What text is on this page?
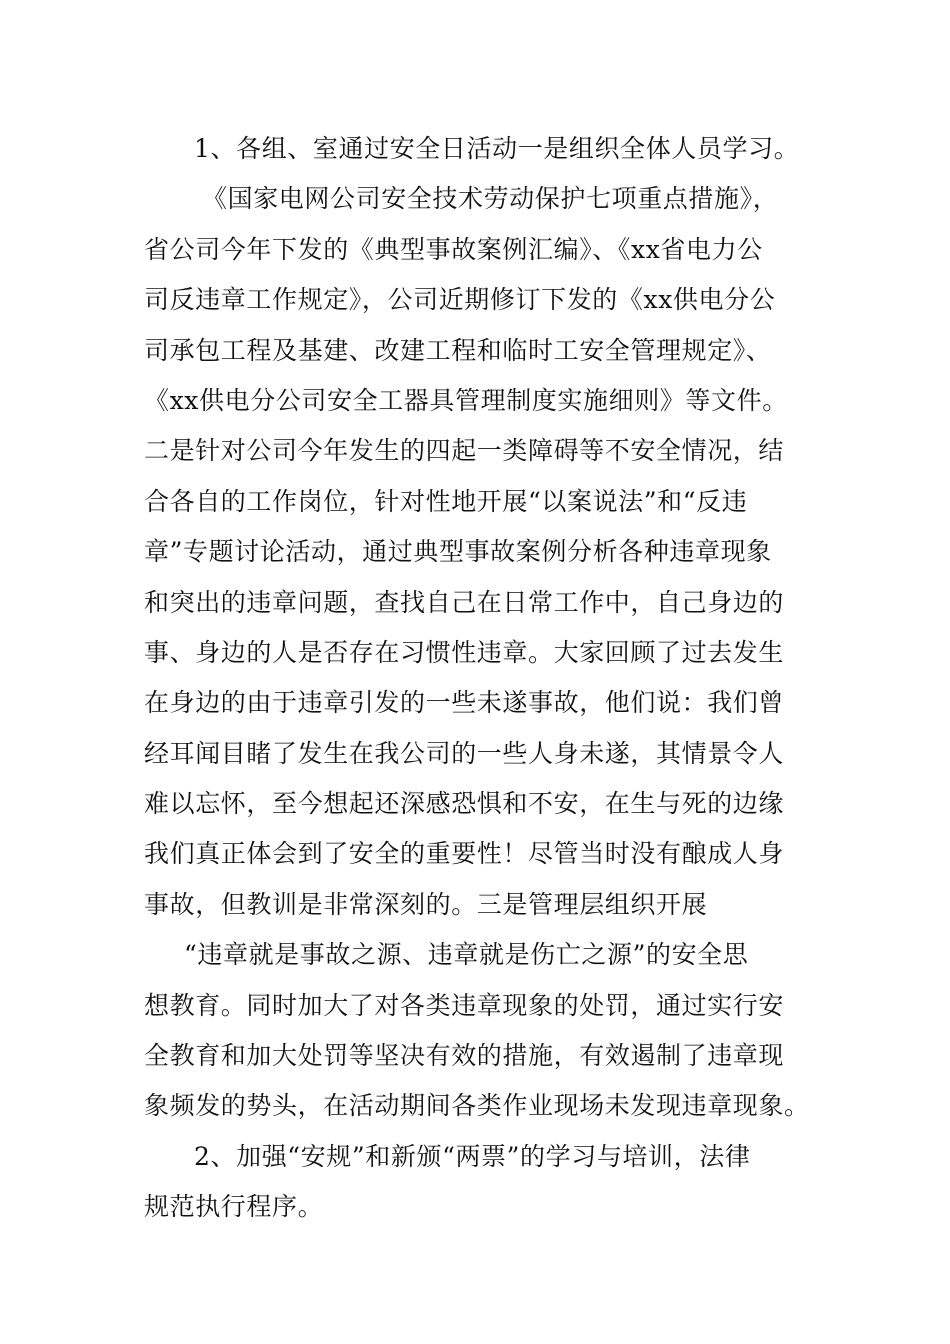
1、各组、室通过安全日活动一是组织全体人员学习。
《国家电网公司安全技术劳动保护七项重点措施》，
省公司今年下发的《典型事故案例汇编》、《xx省电力公
司反违章工作规定》，公司近期修订下发的《xx供电分公
司承包工程及基建、改建工程和临时工安全管理规定》、
《xx供电分公司安全工器具管理制度实施细则》等文件。
二是针对公司今年发生的四起一类障碍等不安全情况，结
合各自的工作岗位，针对性地开展“以案说法”和“反违
章”专题讨论活动，通过典型事故案例分析各种违章现象
和突出的违章问题，查找自己在日常工作中，自己身边的
事、身边的人是否存在习惯性违章。大家回顾了过去发生
在身边的由于违章引发的一些未遂事故，他们说：我们曾
经耳闻目睹了发生在我公司的一些人身未遂，其情景令人
难以忘怀，至今想起还深感恐惧和不安，在生与死的边缘
我们真正体会到了安全的重要性！尽管当时没有酿成人身
事故，但教训是非常深刻的。三是管理层组织开展
“违章就是事故之源、违章就是伤亡之源”的安全思
想教育。同时加大了对各类违章现象的处罚，通过实行安
全教育和加大处罚等坚决有效的措施，有效遏制了违章现
象频发的势头，在活动期间各类作业现场未发现违章现象。
2、加强“安规”和新颁“两票”的学习与培训，法律
规范执行程序。
